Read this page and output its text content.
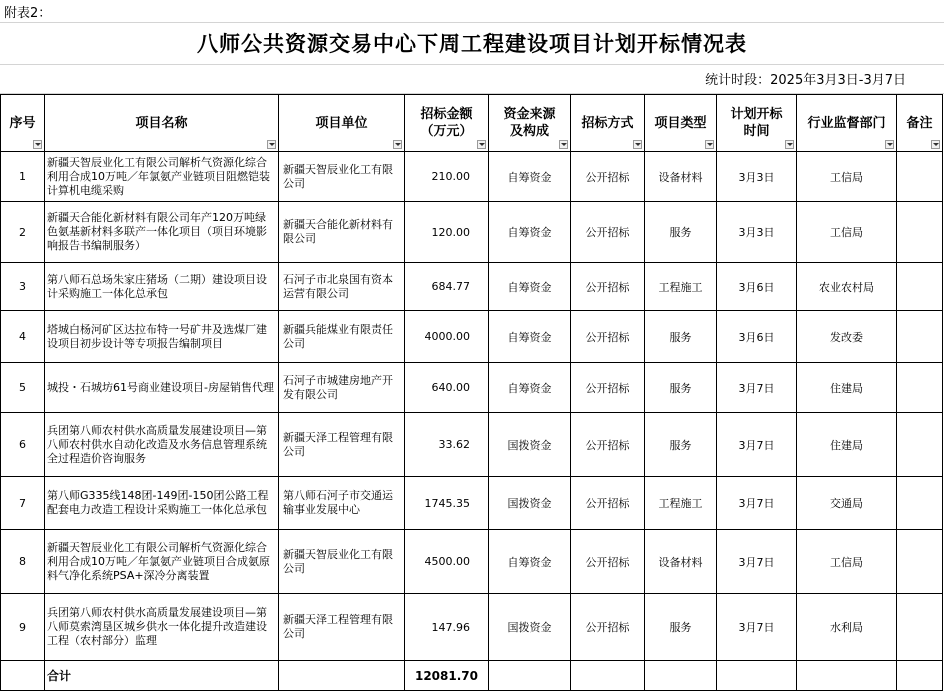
附表2：
八师公共资源交易中心下周工程建设项目计划开标情况表
统计时段：2025年3月3日-3月7日
序号	项目名称	项目单位	招标金额（万元）	资金来源及构成	招标方式	项目类型	计划开标时间	行业监督部门	备注

1	新疆天智辰业化工有限公司解析气资源化综合利用合成10万吨／年氯氨产业链项目阻燃铠装计算机电缆采购	新疆天智辰业化工有限公司	210.00	自筹资金	公开招标	设备材料	3月3日	工信局	
2	新疆天合能化新材料有限公司年产120万吨绿色氨基新材料多联产一体化项目（项目环境影响报告书编制服务）	新疆天合能化新材料有限公司	120.00	自筹资金	公开招标	服务	3月3日	工信局	
3	第八师石总场朱家庄猪场（二期）建设项目设计采购施工一体化总承包	石河子市北泉国有资本运营有限公司	684.77	自筹资金	公开招标	工程施工	3月6日	农业农村局	
4	塔城白杨河矿区达拉布特一号矿井及选煤厂建设项目初步设计等专项报告编制项目	新疆兵能煤业有限责任公司	4000.00	自筹资金	公开招标	服务	3月6日	发改委	
5	城投・石城坊61号商业建设项目-房屋销售代理	石河子市城建房地产开发有限公司	640.00	自筹资金	公开招标	服务	3月7日	住建局	
6	兵团第八师农村供水高质量发展建设项目—第八师农村供水自动化改造及水务信息管理系统全过程造价咨询服务	新疆天泽工程管理有限公司	33.62	国拨资金	公开招标	服务	3月7日	住建局	
7	第八师G335线148团-149团-150团公路工程配套电力改造工程设计采购施工一体化总承包	第八师石河子市交通运输事业发展中心	1745.35	国拨资金	公开招标	工程施工	3月7日	交通局	
8	新疆天智辰业化工有限公司解析气资源化综合利用合成10万吨／年氯氨产业链项目合成氨原料气净化系统PSA+深冷分离装置	新疆天智辰业化工有限公司	4500.00	自筹资金	公开招标	设备材料	3月7日	工信局	
9	兵团第八师农村供水高质量发展建设项目—第八师莫索湾垦区城乡供水一体化提升改造建设工程（农村部分）监理	新疆天泽工程管理有限公司	147.96	国拨资金	公开招标	服务	3月7日	水利局	
	合计		12081.70						
